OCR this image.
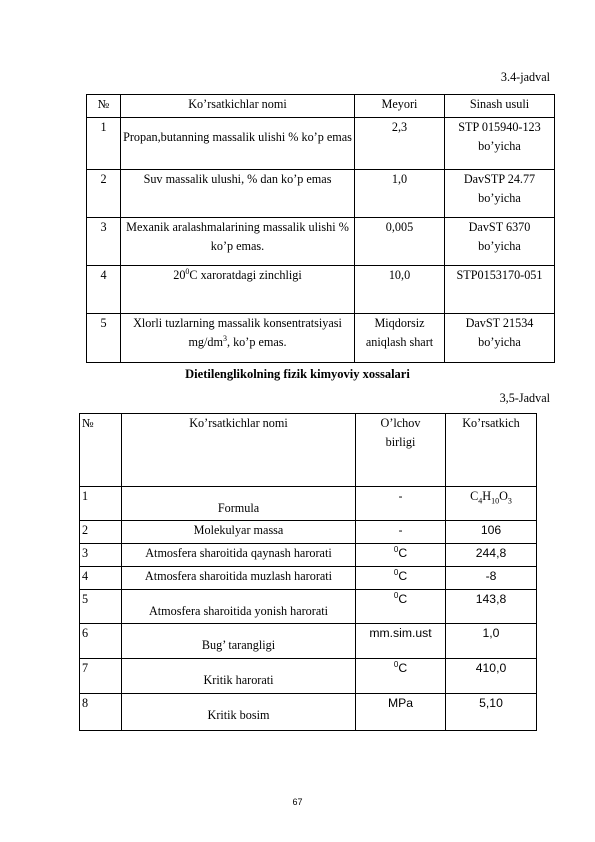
3.4-jadval
№	Ko’rsatkichlar nomi	Meyori	Sinash usuli
1	Propan,butanning massalik ulishi % ko’p emas	2,3	STP 015940-123 bo’yicha
2	Suv massalik ulushi, % dan ko’p emas	1,0	DavSTP 24.77 bo’yicha
3	Mexanik aralashmalarining massalik ulishi % ko’p emas.	0,005	DavST 6370 bo’yicha
4	$20^0C$ xaroratdagi zinchligi	10,0	STP0153170-051
5	Xlorli tuzlarning massalik konsentratsiyasi $mg/dm^3$, ko’p emas.	Miqdorsiz aniqlash shart	DavST 21534 bo’yicha
Dietilenglikolning fizik kimyoviy xossalari
3,5-Jadval
№	Ko’rsatkichlar nomi	O’lchov birligi	Ko’rsatkich
1	Formula	-	$C_4H_{10}O_3$
2	Molekulyar massa	-	106
3	Atmosfera sharoitida qaynash harorati	$^0$C	244,8
4	Atmosfera sharoitida muzlash harorati	$^0$C	-8
5	Atmosfera sharoitida yonish harorati	$^0$C	143,8
6	Bug’ tarangligi	mm.sim.ust	1,0
7	Kritik harorati	$^0$C	410,0
8	Kritik bosim	MPa	5,10
67
